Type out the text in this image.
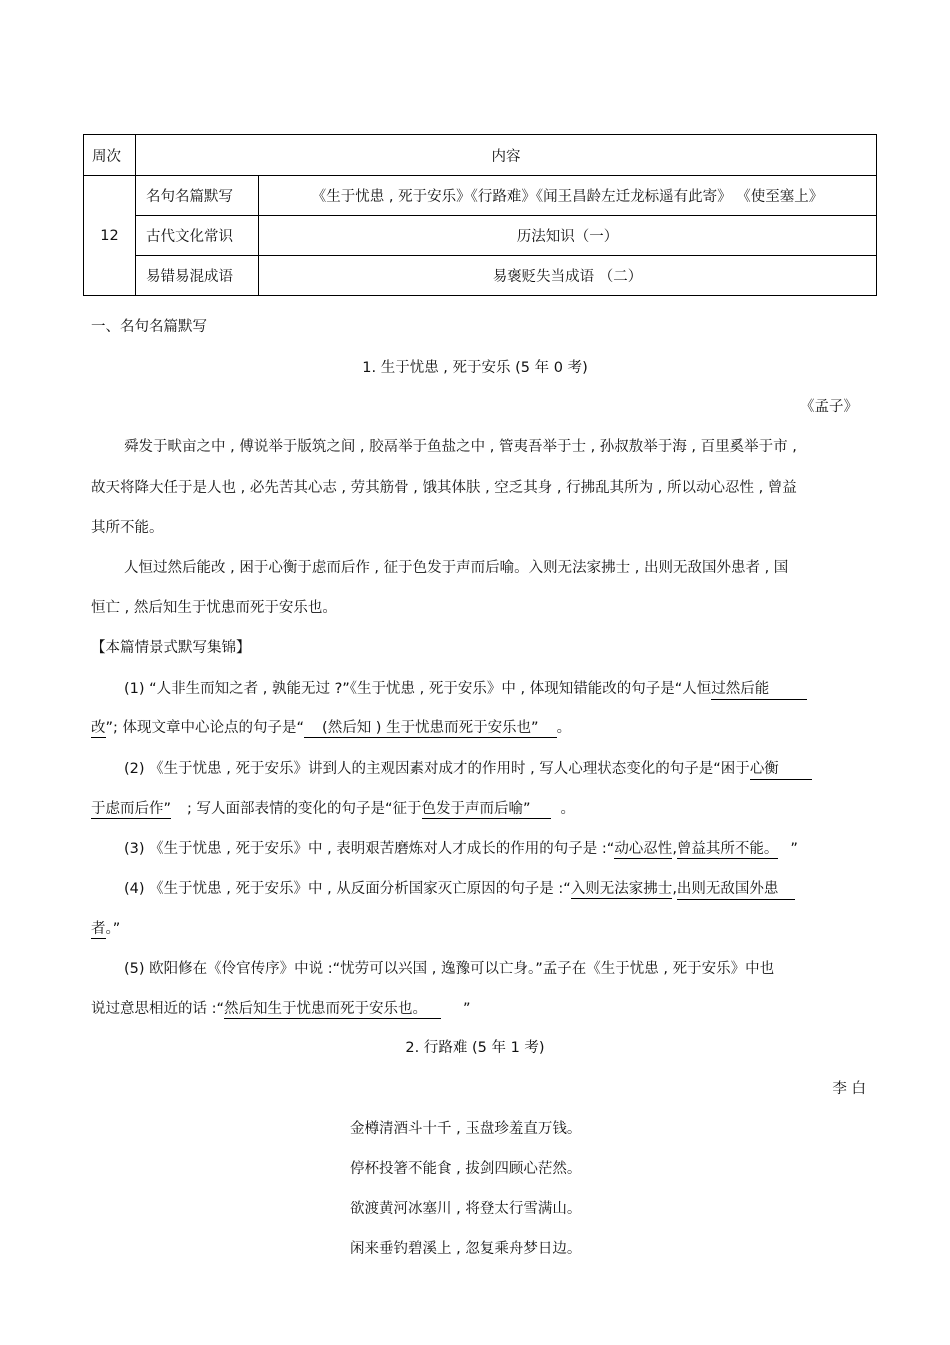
周次	内容	
12	名句名篇默写	《生于忧患 , 死于安乐》《行路难》《闻王昌龄左迁龙标遥有此寄》 《使至塞上》
	古代文化常识	历法知识（一）
	易错易混成语	易褒贬失当成语 （二）
一、名句名篇默写
1. 生于忧患 , 死于安乐 (5 年 0 考)
《孟子》
舜发于畎亩之中 , 傅说举于版筑之间 , 胶鬲举于鱼盐之中 , 管夷吾举于士 , 孙叔敖举于海 , 百里奚举于市 ,
故天将降大任于是人也 , 必先苦其心志 , 劳其筋骨 , 饿其体肤 , 空乏其身 , 行拂乱其所为 , 所以动心忍性 , 曾益
其所不能。
人恒过然后能改 , 困于心衡于虑而后作 , 征于色发于声而后喻。入则无法家拂士 , 出则无敌国外患者 , 国
恒亡 , 然后知生于忧患而死于安乐也。
【本篇情景式默写集锦】
(1) “人非生而知之者 , 孰能无过 ?”《生于忧患 , 死于安乐》中 , 体现知错能改的句子是“人恒过然后能
改”; 体现文章中心论点的句子是“ (然后知 ) 生于忧患而死于安乐也” 。
(2) 《生于忧患 , 死于安乐》讲到人的主观因素对成才的作用时 , 写人心理状态变化的句子是“困于心衡
于虑而后作” ; 写人面部表情的变化的句子是“征于色发于声而后喻” 。
(3) 《生于忧患 , 死于安乐》中 , 表明艰苦磨炼对人才成长的作用的句子是 :“动心忍性,曾益其所不能。 ”
(4) 《生于忧患 , 死于安乐》中 , 从反面分析国家灭亡原因的句子是 :“入则无法家拂士,出则无敌国外患
者。”
(5) 欧阳修在《伶官传序》中说 :“忧劳可以兴国 , 逸豫可以亡身。”孟子在《生于忧患 , 死于安乐》中也
说过意思相近的话 :“然后知生于忧患而死于安乐也。 ”
2. 行路难 (5 年 1 考)
李 白
金樽清酒斗十千 , 玉盘珍羞直万钱。
停杯投箸不能食 , 拔剑四顾心茫然。
欲渡黄河冰塞川 , 将登太行雪满山。
闲来垂钓碧溪上 , 忽复乘舟梦日边。
